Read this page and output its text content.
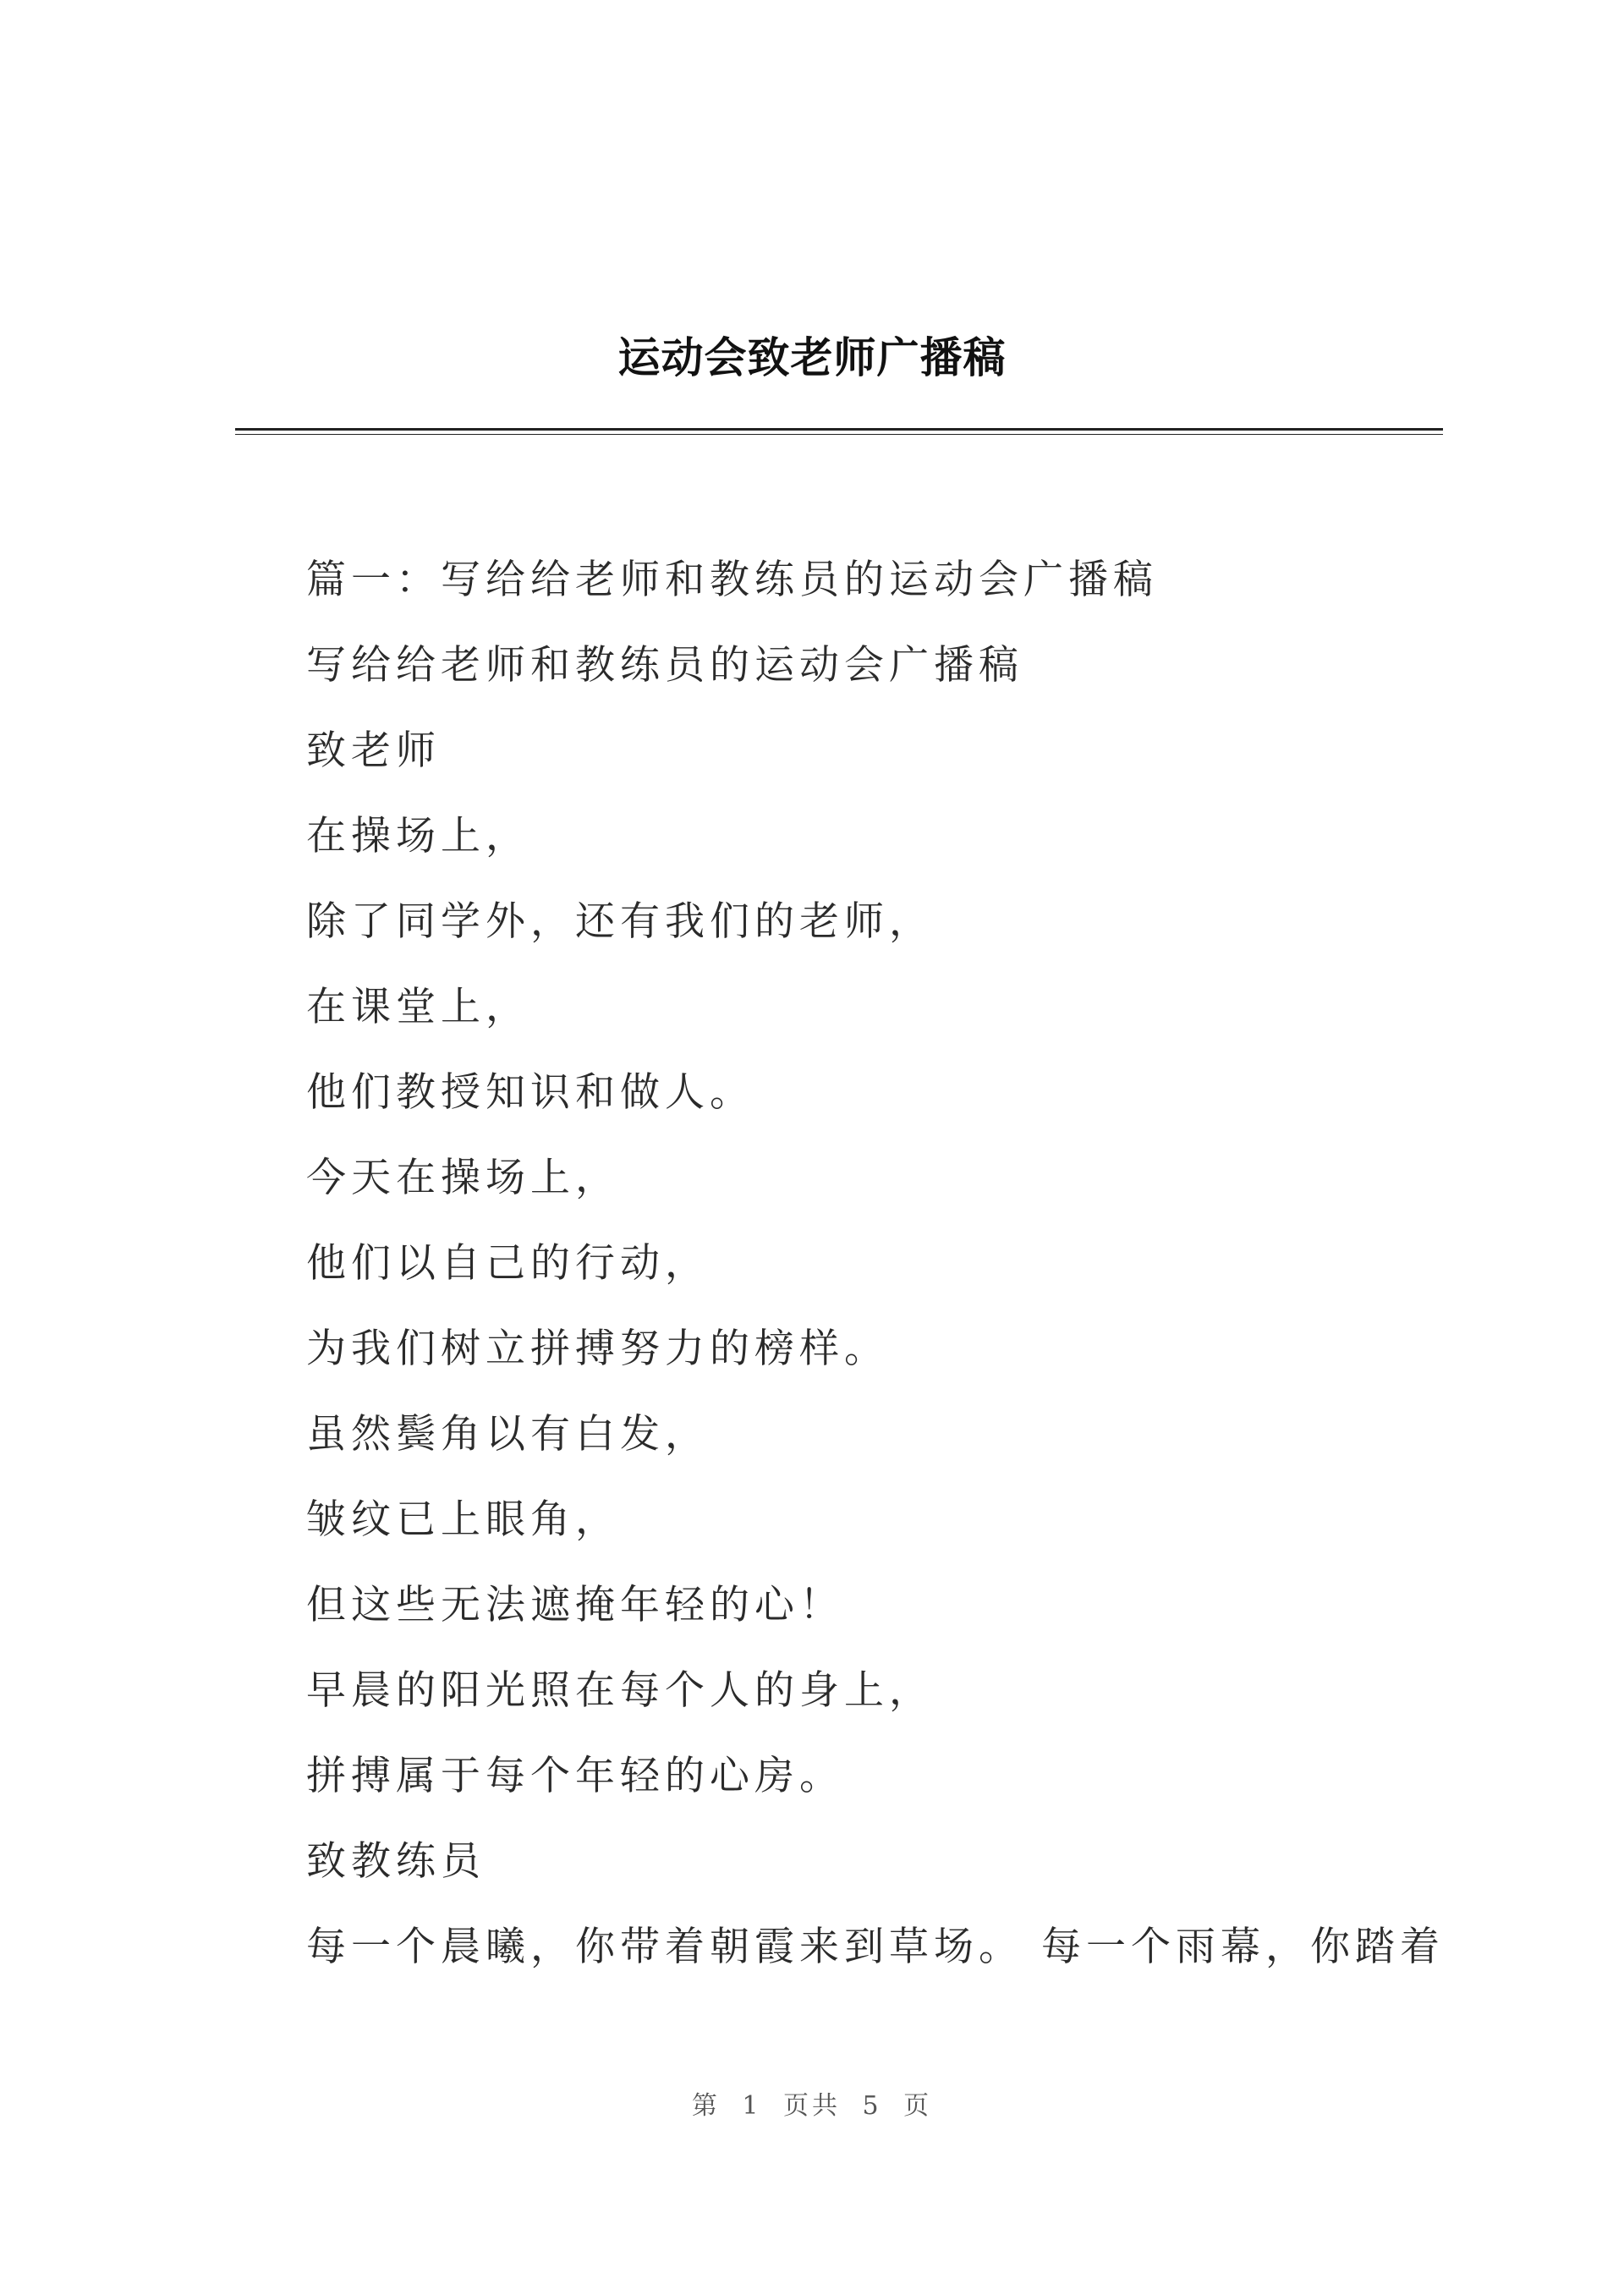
运动会致老师广播稿
篇一：写给给老师和教练员的运动会广播稿
写给给老师和教练员的运动会广播稿
致老师
在操场上，
除了同学外，还有我们的老师，
在课堂上，
他们教授知识和做人。
今天在操场上，
他们以自己的行动，
为我们树立拼搏努力的榜样。
虽然鬓角以有白发，
皱纹已上眼角，
但这些无法遮掩年轻的心！
早晨的阳光照在每个人的身上，
拼搏属于每个年轻的心房。
致教练员
每一个晨曦，你带着朝霞来到草场。 每一个雨幕，你踏着
第 1 页共 5 页
